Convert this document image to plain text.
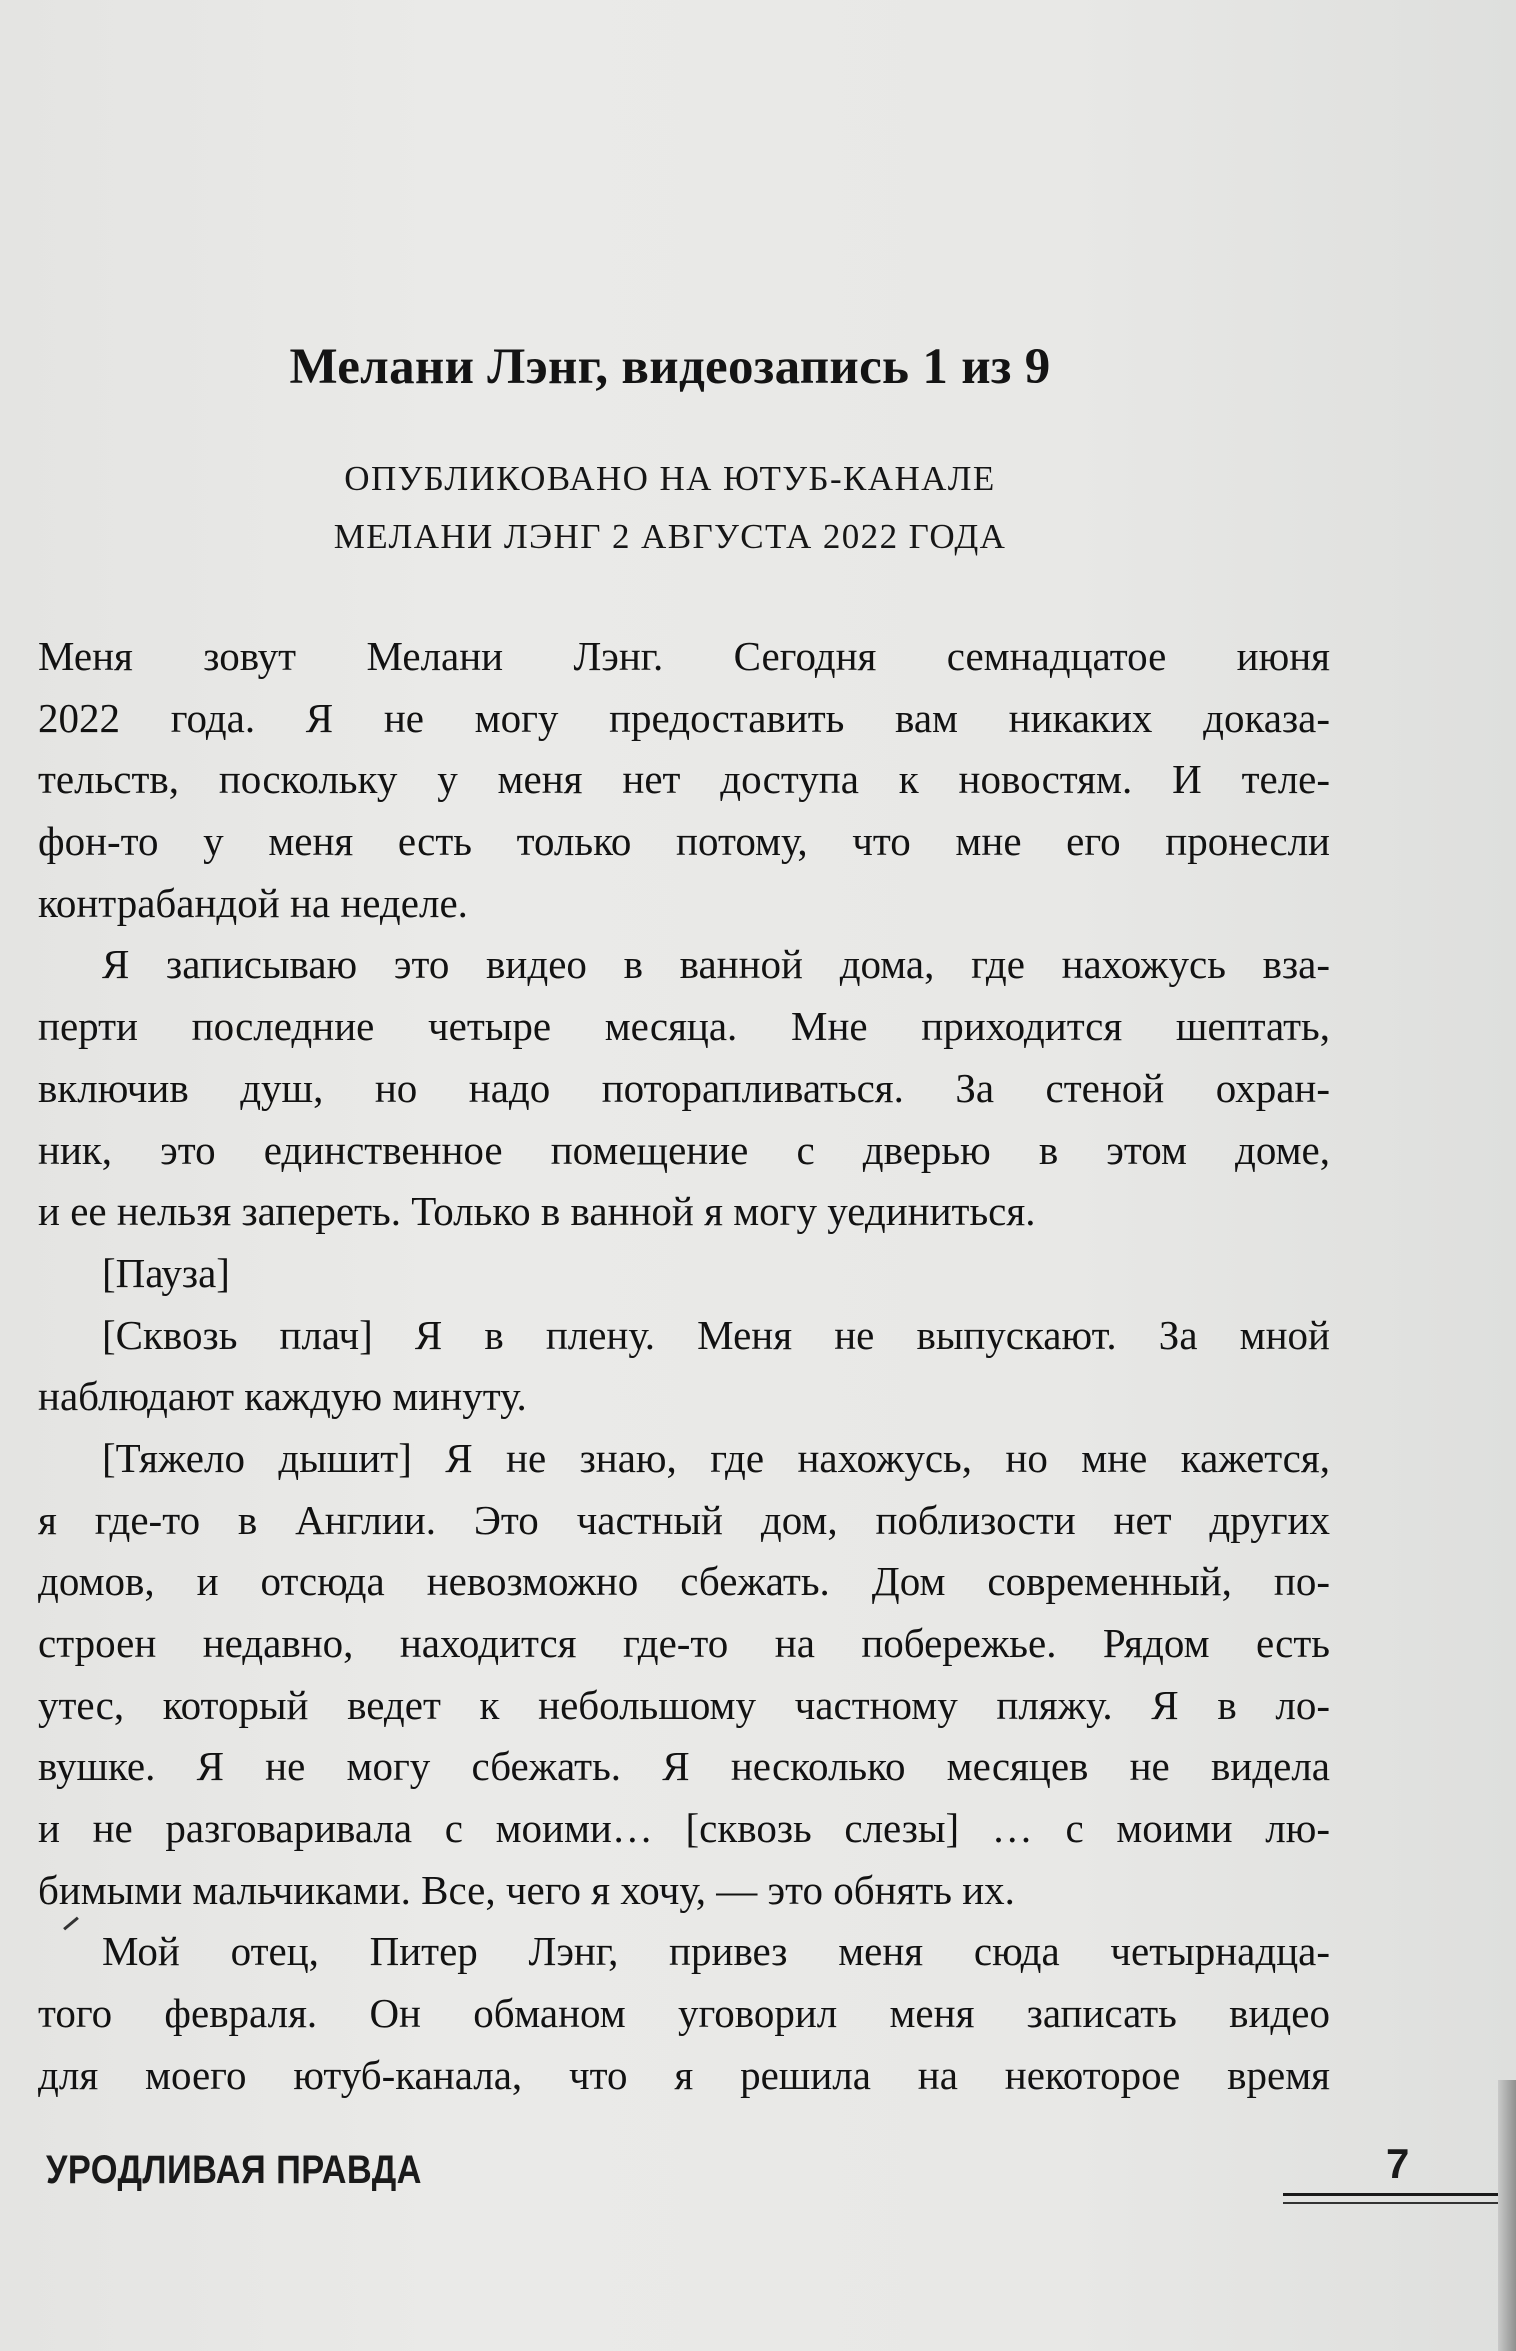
Мелани Лэнг, видеозапись 1 из 9
ОПУБЛИКОВАНО НА ЮТУБ-КАНАЛЕ
МЕЛАНИ ЛЭНГ 2 АВГУСТА 2022 ГОДА
Меня зовут Мелани Лэнг. Сегодня семнадцатое июня
2022 года. Я не могу предоставить вам никаких доказа-
тельств, поскольку у меня нет доступа к новостям. И теле-
фон-то у меня есть только потому, что мне его пронесли
контрабандой на неделе.
Я записываю это видео в ванной дома, где нахожусь вза-
перти последние четыре месяца. Мне приходится шептать,
включив душ, но надо поторапливаться. За стеной охран-
ник, это единственное помещение с дверью в этом доме,
и ее нельзя запереть. Только в ванной я могу уединиться.
[Пауза]
[Сквозь плач] Я в плену. Меня не выпускают. За мной
наблюдают каждую минуту.
[Тяжело дышит] Я не знаю, где нахожусь, но мне кажется,
я где-то в Англии. Это частный дом, поблизости нет других
домов, и отсюда невозможно сбежать. Дом современный, по-
строен недавно, находится где-то на побережье. Рядом есть
утес, который ведет к небольшому частному пляжу. Я в ло-
вушке. Я не могу сбежать. Я несколько месяцев не видела
и не разговаривала с моими… [сквозь слезы] … с моими лю-
бимыми мальчиками. Все, чего я хочу, — это обнять их.
Мой отец, Питер Лэнг, привез меня сюда четырнадца-
того февраля. Он обманом уговорил меня записать видео
для моего ютуб-канала, что я решила на некоторое время
УРОДЛИВАЯ ПРАВДА	7
